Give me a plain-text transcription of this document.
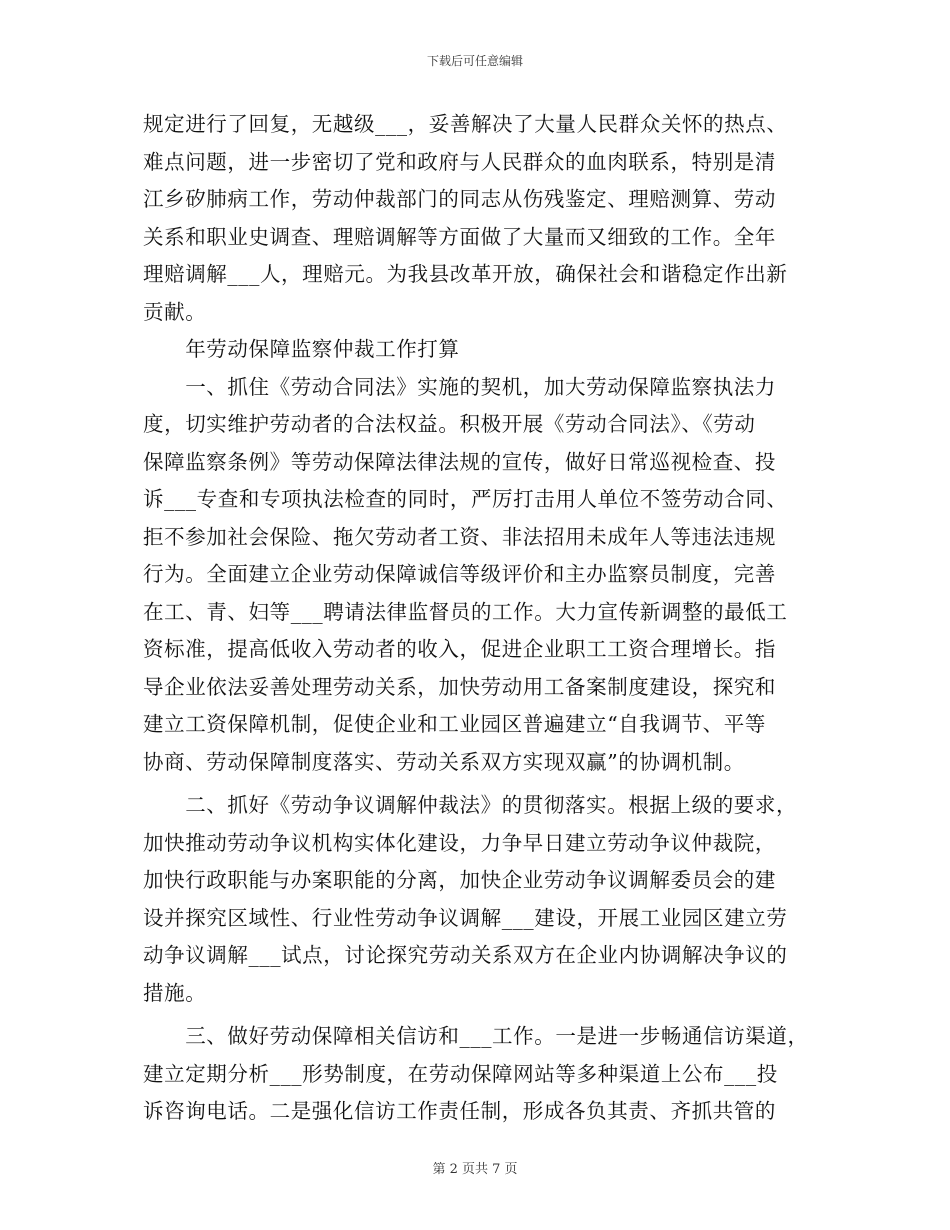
下载后可任意编辑
规定进行了回复，无越级___，妥善解决了大量人民群众关怀的热点、
难点问题，进一步密切了党和政府与人民群众的血肉联系，特别是清
江乡矽肺病工作，劳动仲裁部门的同志从伤残鉴定、理赔测算、劳动
关系和职业史调查、理赔调解等方面做了大量而又细致的工作。全年
理赔调解___人，理赔元。为我县改革开放，确保社会和谐稳定作出新
贡献。
　　年劳动保障监察仲裁工作打算
　　一、抓住《劳动合同法》实施的契机，加大劳动保障监察执法力
度，切实维护劳动者的合法权益。积极开展《劳动合同法》、《劳动
保障监察条例》等劳动保障法律法规的宣传，做好日常巡视检查、投
诉___专查和专项执法检查的同时，严厉打击用人单位不签劳动合同、
拒不参加社会保险、拖欠劳动者工资、非法招用未成年人等违法违规
行为。全面建立企业劳动保障诚信等级评价和主办监察员制度，完善
在工、青、妇等___聘请法律监督员的工作。大力宣传新调整的最低工
资标准，提高低收入劳动者的收入，促进企业职工工资合理增长。指
导企业依法妥善处理劳动关系，加快劳动用工备案制度建设，探究和
建立工资保障机制，促使企业和工业园区普遍建立“自我调节、平等
协商、劳动保障制度落实、劳动关系双方实现双赢”的协调机制。
　　二、抓好《劳动争议调解仲裁法》的贯彻落实。根据上级的要求，
加快推动劳动争议机构实体化建设，力争早日建立劳动争议仲裁院，
加快行政职能与办案职能的分离，加快企业劳动争议调解委员会的建
设并探究区域性、行业性劳动争议调解___建设，开展工业园区建立劳
动争议调解___试点，讨论探究劳动关系双方在企业内协调解决争议的
措施。
　　三、做好劳动保障相关信访和___工作。一是进一步畅通信访渠道，
建立定期分析___形势制度，在劳动保障网站等多种渠道上公布___投
诉咨询电话。二是强化信访工作责任制，形成各负其责、齐抓共管的
第 2 页共 7 页
